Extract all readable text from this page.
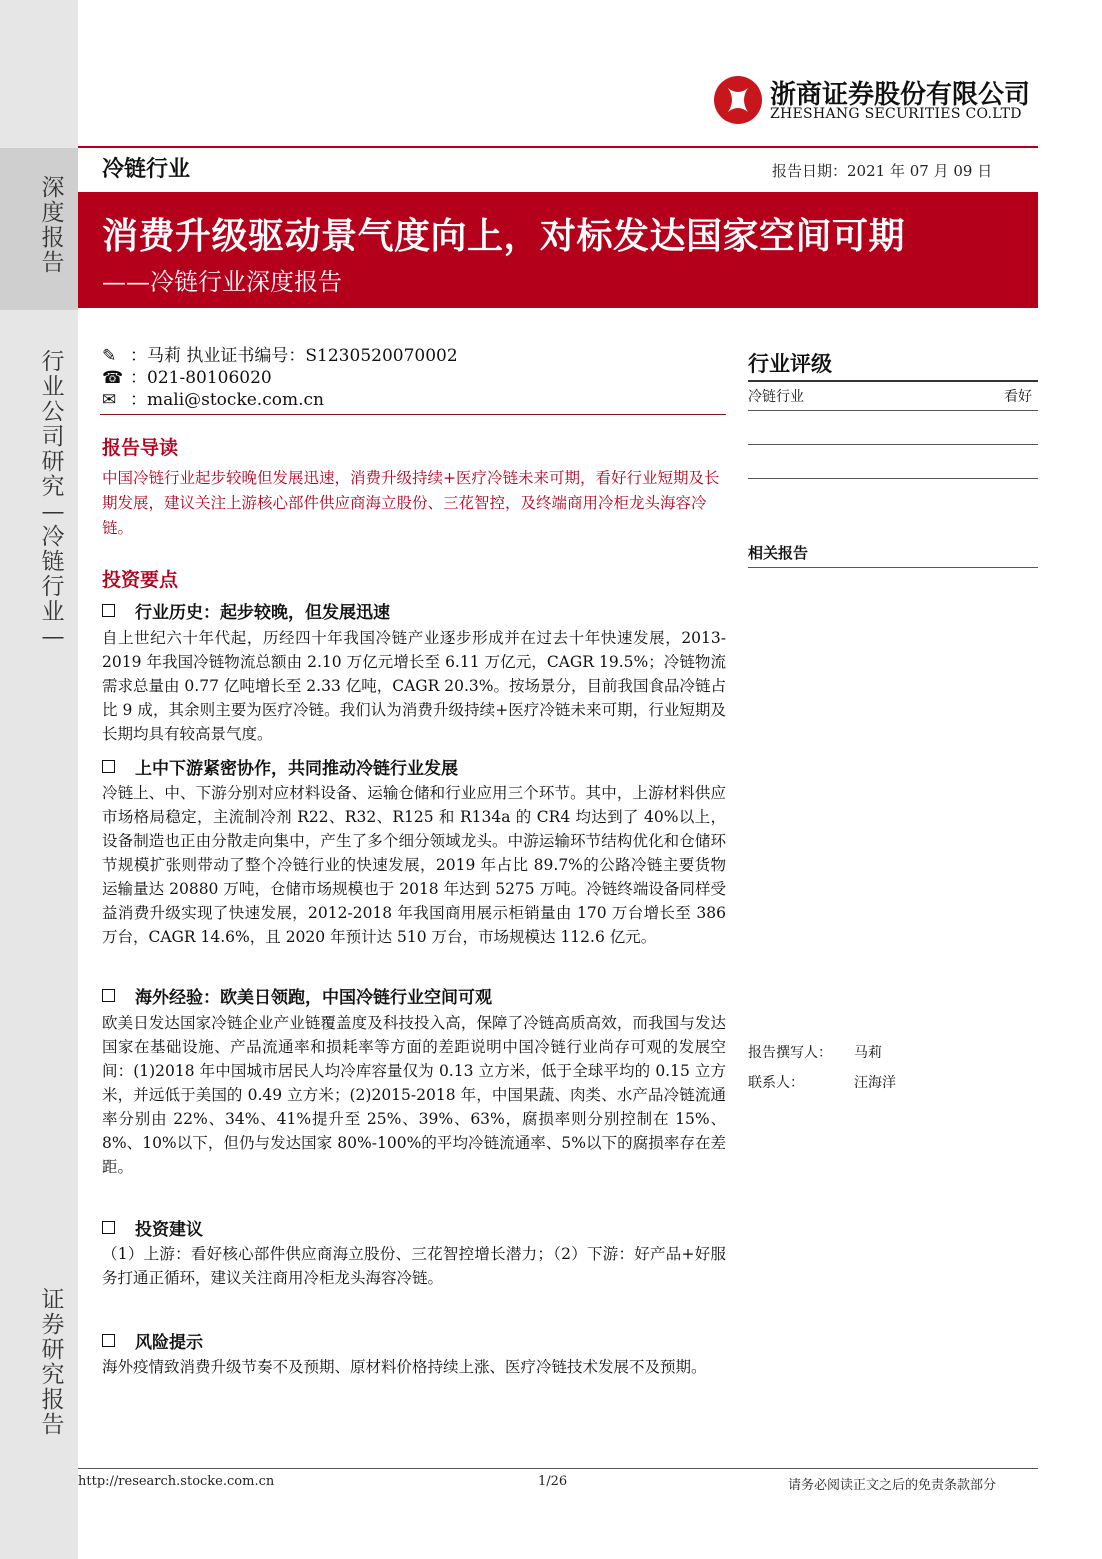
深度报告
行业公司研究—冷链行业—
证券研究报告
浙商证券股份有限公司
ZHESHANG SECURITIES CO.LTD
冷链行业	报告日期：2021 年 07 月 09 日
消费升级驱动景气度向上，对标发达国家空间可期
——冷链行业深度报告
✎ ：马莉 执业证书编号：S1230520070002
☎ ：021-80106020
✉ ：mali@stocke.com.cn
报告导读
中国冷链行业起步较晚但发展迅速，消费升级持续+医疗冷链未来可期，看好行业短期及长期发展，建议关注上游核心部件供应商海立股份、三花智控，及终端商用冷柜龙头海容冷链。
投资要点
行业历史：起步较晚，但发展迅速
自上世纪六十年代起，历经四十年我国冷链产业逐步形成并在过去十年快速发展，2013-2019 年我国冷链物流总额由 2.10 万亿元增长至 6.11 万亿元，CAGR 19.5%；冷链物流需求总量由 0.77 亿吨增长至 2.33 亿吨，CAGR 20.3%。按场景分，目前我国食品冷链占比 9 成，其余则主要为医疗冷链。我们认为消费升级持续+医疗冷链未来可期，行业短期及长期均具有较高景气度。
上中下游紧密协作，共同推动冷链行业发展
冷链上、中、下游分别对应材料设备、运输仓储和行业应用三个环节。其中，上游材料供应市场格局稳定，主流制冷剂 R22、R32、R125 和 R134a 的 CR4 均达到了 40%以上，设备制造也正由分散走向集中，产生了多个细分领域龙头。中游运输环节结构优化和仓储环节规模扩张则带动了整个冷链行业的快速发展，2019 年占比 89.7%的公路冷链主要货物运输量达 20880 万吨，仓储市场规模也于 2018 年达到 5275 万吨。冷链终端设备同样受益消费升级实现了快速发展，2012-2018 年我国商用展示柜销量由 170 万台增长至 386 万台，CAGR 14.6%，且 2020 年预计达 510 万台，市场规模达 112.6 亿元。
海外经验：欧美日领跑，中国冷链行业空间可观
欧美日发达国家冷链企业产业链覆盖度及科技投入高，保障了冷链高质高效，而我国与发达国家在基础设施、产品流通率和损耗率等方面的差距说明中国冷链行业尚存可观的发展空间：(1)2018 年中国城市居民人均冷库容量仅为 0.13 立方米，低于全球平均的 0.15 立方米，并远低于美国的 0.49 立方米；(2)2015-2018 年，中国果蔬、肉类、水产品冷链流通率分别由 22%、34%、41%提升至 25%、39%、63%，腐损率则分别控制在 15%、8%、10%以下，但仍与发达国家 80%-100%的平均冷链流通率、5%以下的腐损率存在差距。
投资建议
（1）上游：看好核心部件供应商海立股份、三花智控增长潜力；（2）下游：好产品+好服务打通正循环，建议关注商用冷柜龙头海容冷链。
风险提示
海外疫情致消费升级节奏不及预期、原材料价格持续上涨、医疗冷链技术发展不及预期。
行业评级
冷链行业	看好
相关报告
报告撰写人： 马莉
联系人：	汪海洋
http://research.stocke.com.cn	1/26	请务必阅读正文之后的免责条款部分
